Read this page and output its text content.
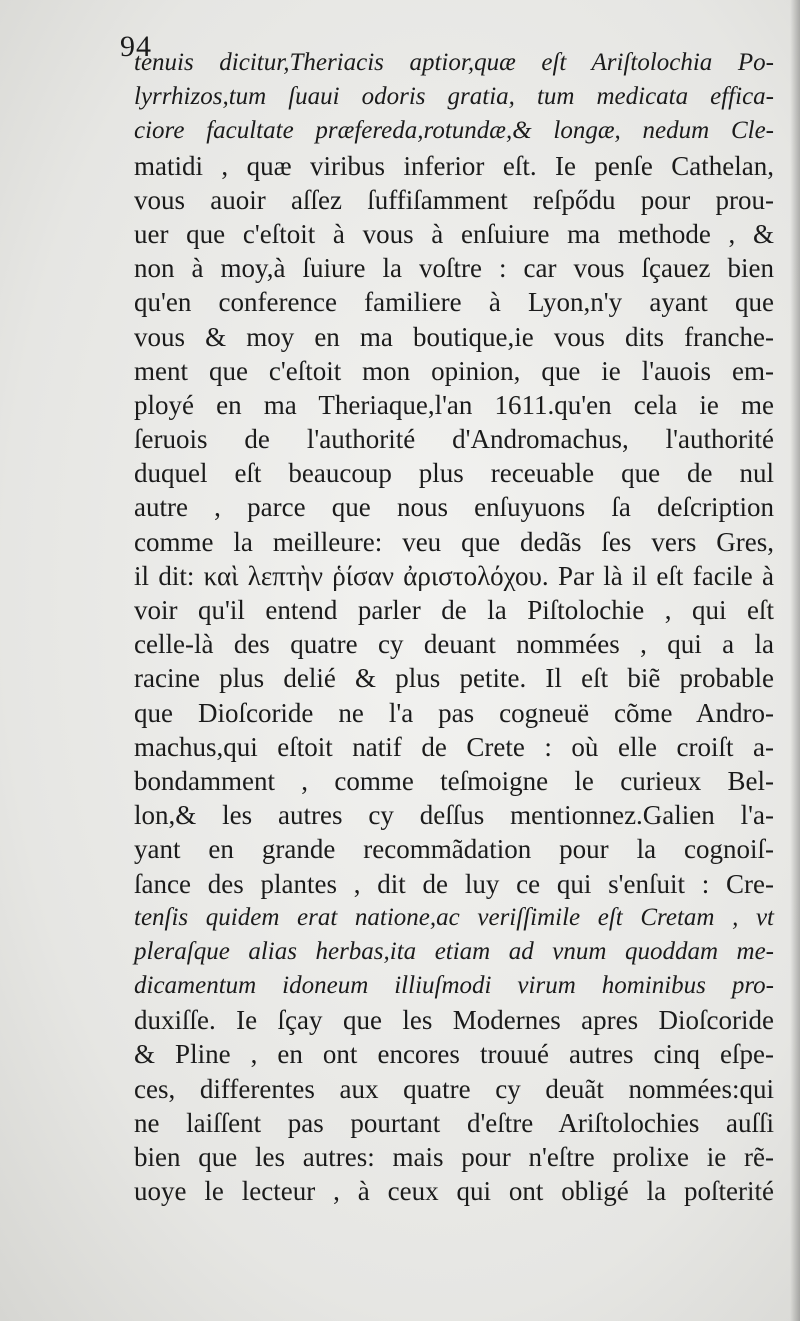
94
tenuis dicitur,Theriacis aptior,quæ eſt Ariſtolochia Po-
lyrrhizos,tum ſuaui odoris gratia, tum medicata effica-
ciore facultate præfereda,rotundæ,& longæ, nedum Cle-
matidi , quæ viribus inferior eſt. Ie penſe Cathelan,
vous auoir aſſez ſuffiſamment reſpődu pour prou-
uer que c'eſtoit à vous à enſuiure ma methode , &
non à moy,à ſuiure la voſtre : car vous ſçauez bien
qu'en conference familiere à Lyon,n'y ayant que
vous & moy en ma boutique,ie vous dits franche-
ment que c'eſtoit mon opinion, que ie l'auois em-
ployé en ma Theriaque,l'an 1611.qu'en cela ie me
ſeruois de l'authorité d'Andromachus, l'authorité
duquel eſt beaucoup plus receuable que de nul
autre , parce que nous enſuyuons ſa deſcription
comme la meilleure: veu que dedãs ſes vers Gres,
il dit: καὶ λεπτὴν ῥίσαν ἀριστολόχου. Par là il eſt facile à
voir qu'il entend parler de la Piſtolochie , qui eſt
celle-là des quatre cy deuant nommées , qui a la
racine plus delié & plus petite. Il eſt biẽ probable
que Dioſcoride ne l'a pas cogneuë cõme Andro-
machus,qui eſtoit natif de Crete : où elle croiſt a-
bondamment , comme teſmoigne le curieux Bel-
lon,& les autres cy deſſus mentionnez.Galien l'a-
yant en grande recommãdation pour la cognoiſ-
ſance des plantes , dit de luy ce qui s'enſuit : Cre-
tenſis quidem erat natione,ac veriſſimile eſt Cretam , vt
pleraſque alias herbas,ita etiam ad vnum quoddam me-
dicamentum idoneum illiuſmodi virum hominibus pro-
duxiſſe. Ie ſçay que les Modernes apres Dioſcoride
& Pline , en ont encores trouué autres cinq eſpe-
ces, differentes aux quatre cy deuãt nommées:qui
ne laiſſent pas pourtant d'eſtre Ariſtolochies auſſi
bien que les autres: mais pour n'eſtre prolixe ie rẽ-
uoye le lecteur , à ceux qui ont obligé la poſterité
